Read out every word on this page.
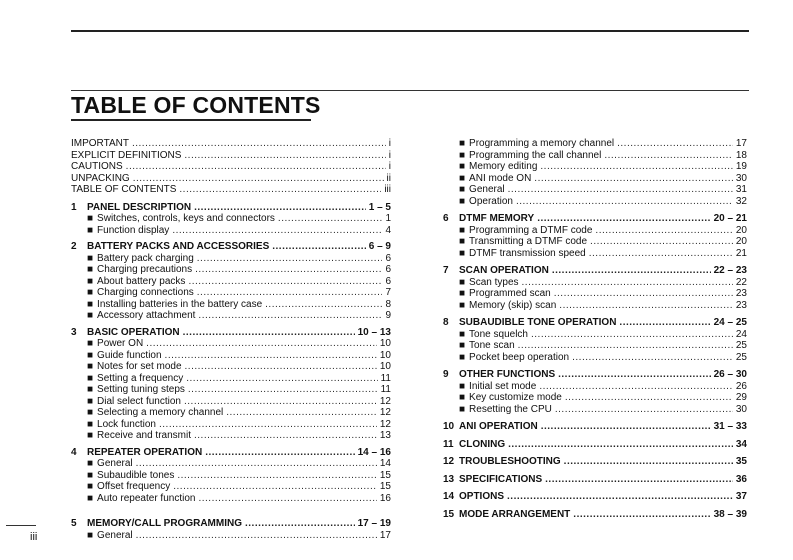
TABLE OF CONTENTS
IMPORTANT .....	i
EXPLICIT DEFINITIONS .....	i
CAUTIONS .....	i
UNPACKING .....	ii
TABLE OF CONTENTS .....	iii
1 PANEL DESCRIPTION .....	1 – 5
■ Switches, controls, keys and connectors .....	1
■ Function display .....	4
2 BATTERY PACKS AND ACCESSORIES .....	6 – 9
■ Battery pack charging .....	6
■ Charging precautions .....	6
■ About battery packs .....	6
■ Charging connections .....	7
■ Installing batteries in the battery case .....	8
■ Accessory attachment .....	9
3 BASIC OPERATION .....	10 – 13
■ Power ON .....	10
■ Guide function .....	10
■ Notes for set mode .....	10
■ Setting a frequency .....	11
■ Setting tuning steps .....	11
■ Dial select function .....	12
■ Selecting a memory channel .....	12
■ Lock function .....	12
■ Receive and transmit .....	13
4 REPEATER OPERATION .....	14 – 16
■ General .....	14
■ Subaudible tones .....	15
■ Offset frequency .....	15
■ Auto repeater function .....	16
5 MEMORY/CALL PROGRAMMING .....	17 – 19
■ General .....	17
■ Programming a memory channel .....	17
■ Programming the call channel .....	18
■ Memory editing .....	19
■ ANI mode ON .....	30
■ General .....	31
■ Operation .....	32
6 DTMF MEMORY .....	20 – 21
■ Programming a DTMF code .....	20
■ Transmitting a DTMF code .....	20
■ DTMF transmission speed .....	21
7 SCAN OPERATION .....	22 – 23
■ Scan types .....	22
■ Programmed scan .....	23
■ Memory (skip) scan .....	23
8 SUBAUDIBLE TONE OPERATION .....	24 – 25
■ Tone squelch .....	24
■ Tone scan .....	25
■ Pocket beep operation .....	25
9 OTHER FUNCTIONS .....	26 – 30
■ Initial set mode .....	26
■ Key customize mode .....	29
■ Resetting the CPU .....	30
10 ANI OPERATION .....	31 – 33
11 CLONING .....	34
12 TROUBLESHOOTING .....	35
13 SPECIFICATIONS .....	36
14 OPTIONS .....	37
15 MODE ARRANGEMENT .....	38 – 39
iii
